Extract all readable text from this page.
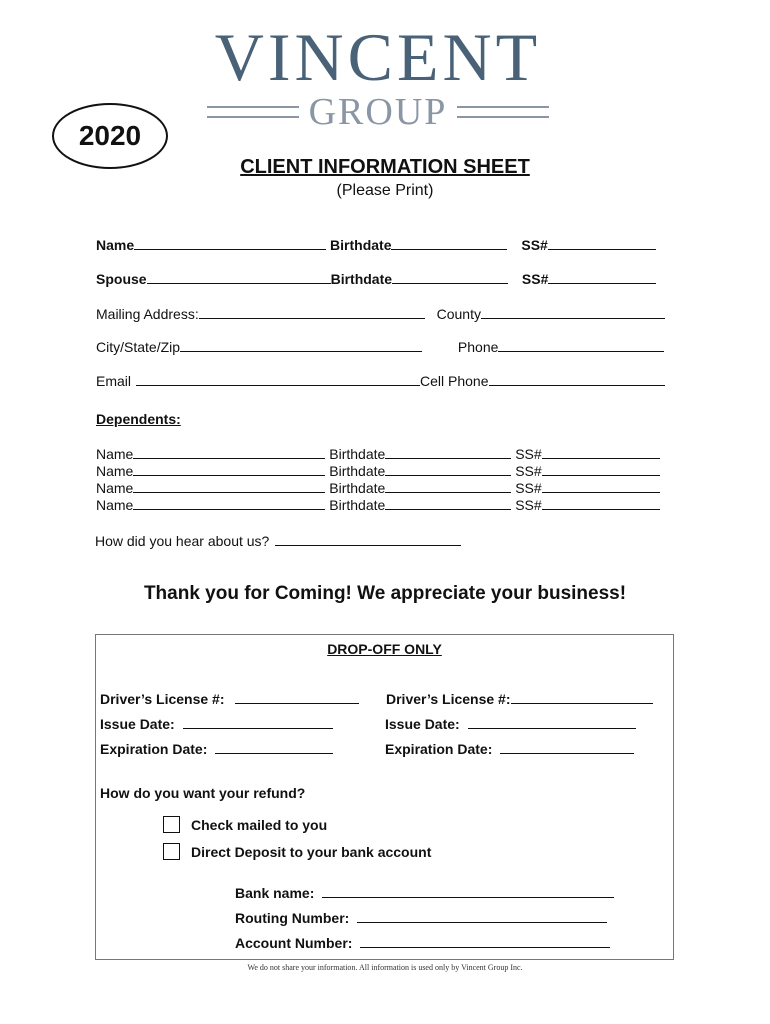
VINCENT
GROUP
2020
CLIENT INFORMATION SHEET
(Please Print)
Name	Birthdate	SS#
Spouse	Birthdate	SS#
Mailing Address:	County
City/State/Zip	Phone
Email	Cell Phone
Dependents:
Name	Birthdate	SS#
Name	Birthdate	SS#
Name	Birthdate	SS#
Name	Birthdate	SS#
How did you hear about us?
Thank you for Coming! We appreciate your business!
DROP-OFF ONLY
Driver’s License #:	Driver’s License #:
Issue Date:	Issue Date:
Expiration Date:	Expiration Date:
How do you want your refund?
Check mailed to you
Direct Deposit to your bank account
Bank name:
Routing Number:
Account Number:
We do not share your information. All information is used only by Vincent Group Inc.
